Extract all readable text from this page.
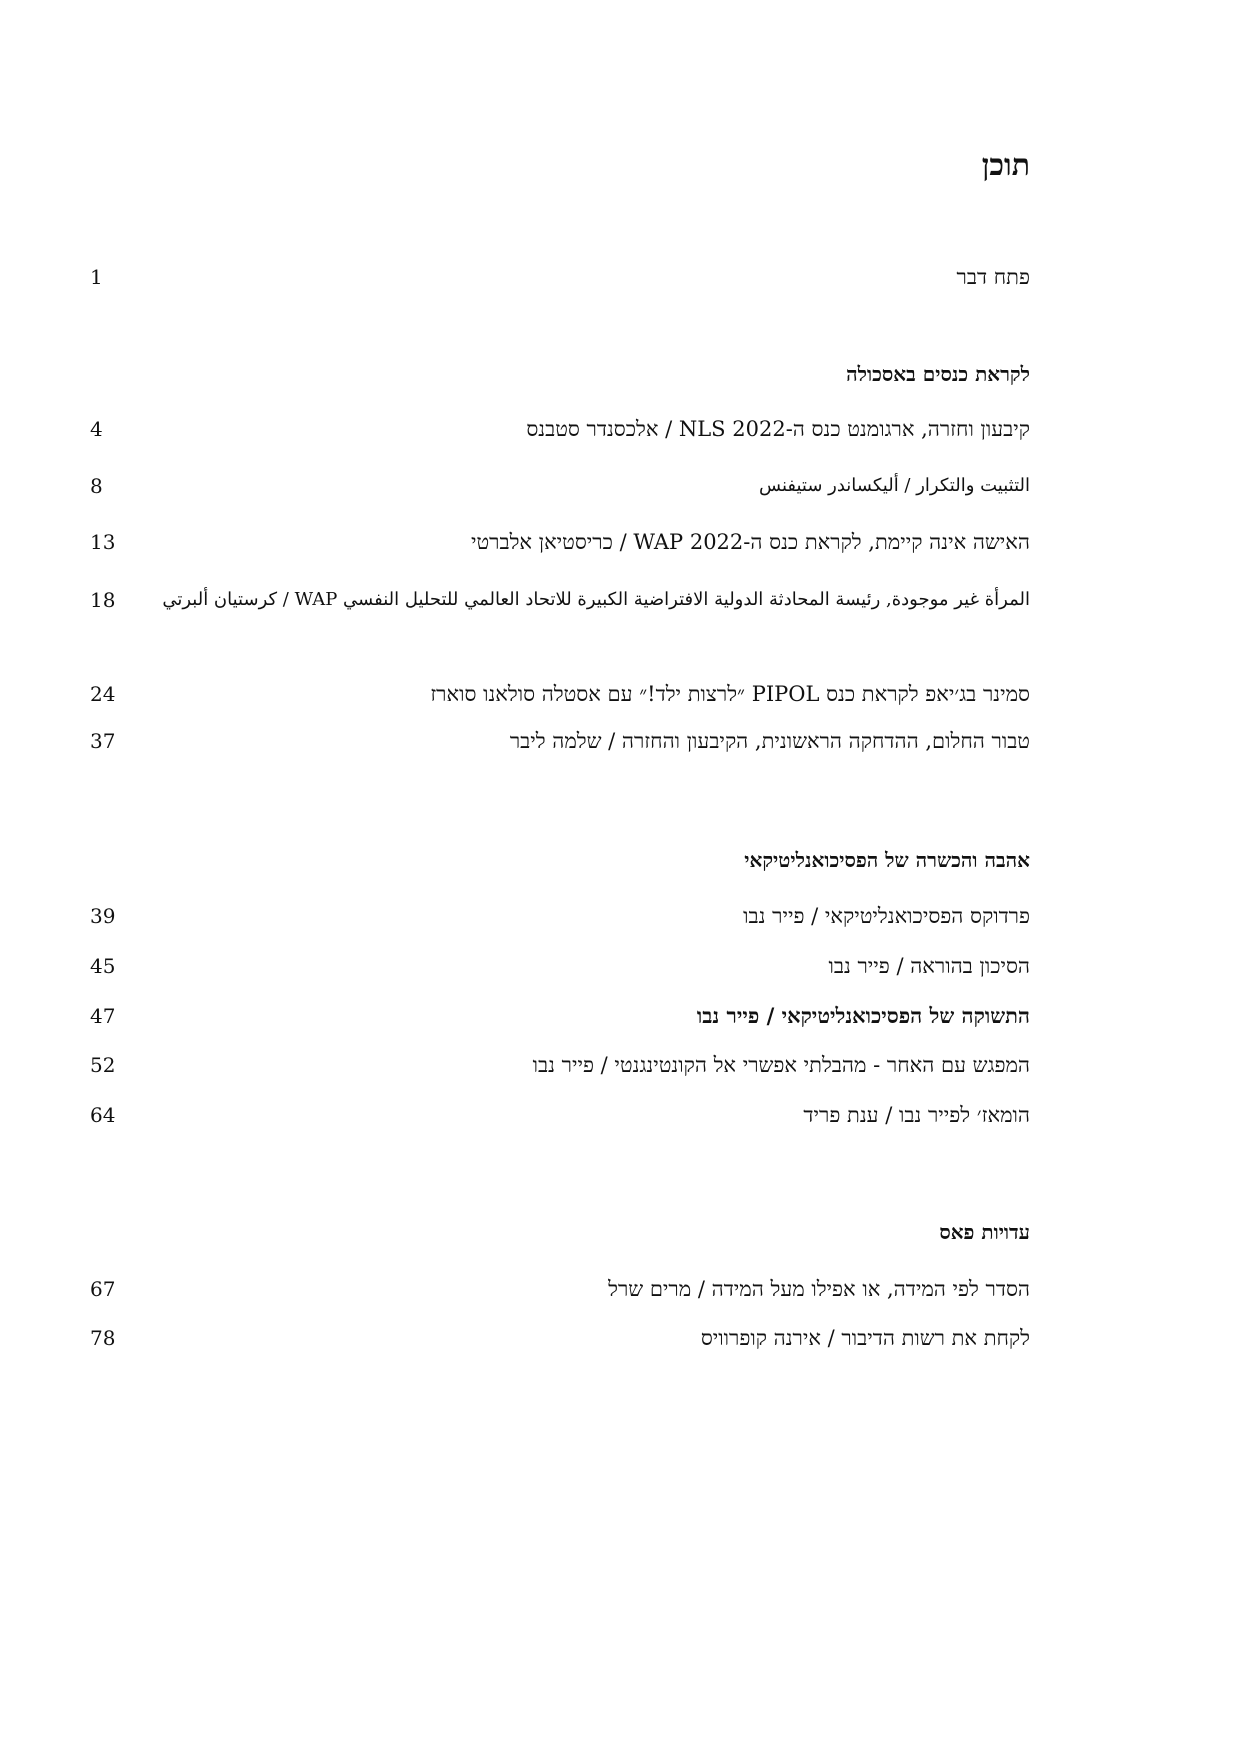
תוכן
פתח דבר
1
לקראת כנסים באסכולה
קיבעון וחזרה, ארגומנט כנס ה-NLS 2022 / אלכסנדר סטבנס
4
التثبيت والتكرار / أليكساندر ستيفنس
8
האישה אינה קיימת, לקראת כנס ה-WAP 2022 / כריסטיאן אלברטי
13
المرأة غير موجودة, رئيسة المحادثة الدولية الافتراضية الكبيرة للاتحاد العالمي للتحليل النفسي WAP / كرستيان ألبرتي
18
סמינר בג׳יאפ לקראת כנס PIPOL ״לרצות ילד!״ עם אסטלה סולאנו סוארז
24
טבור החלום, ההדחקה הראשונית, הקיבעון והחזרה / שלמה ליבר
37
אהבה והכשרה של הפסיכואנליטיקאי
פרדוקס הפסיכואנליטיקאי / פייר נבו
39
הסיכון בהוראה / פייר נבו
45
התשוקה של הפסיכואנליטיקאי / פייר נבו
47
המפגש עם האחר - מהבלתי אפשרי אל הקונטינגנטי / פייר נבו
52
הומאז׳ לפייר נבו / ענת פריד
64
עדויות פאס
הסדר לפי המידה, או אפילו מעל המידה / מרים שרל
67
לקחת את רשות הדיבור / אירנה קופרוויס
78
